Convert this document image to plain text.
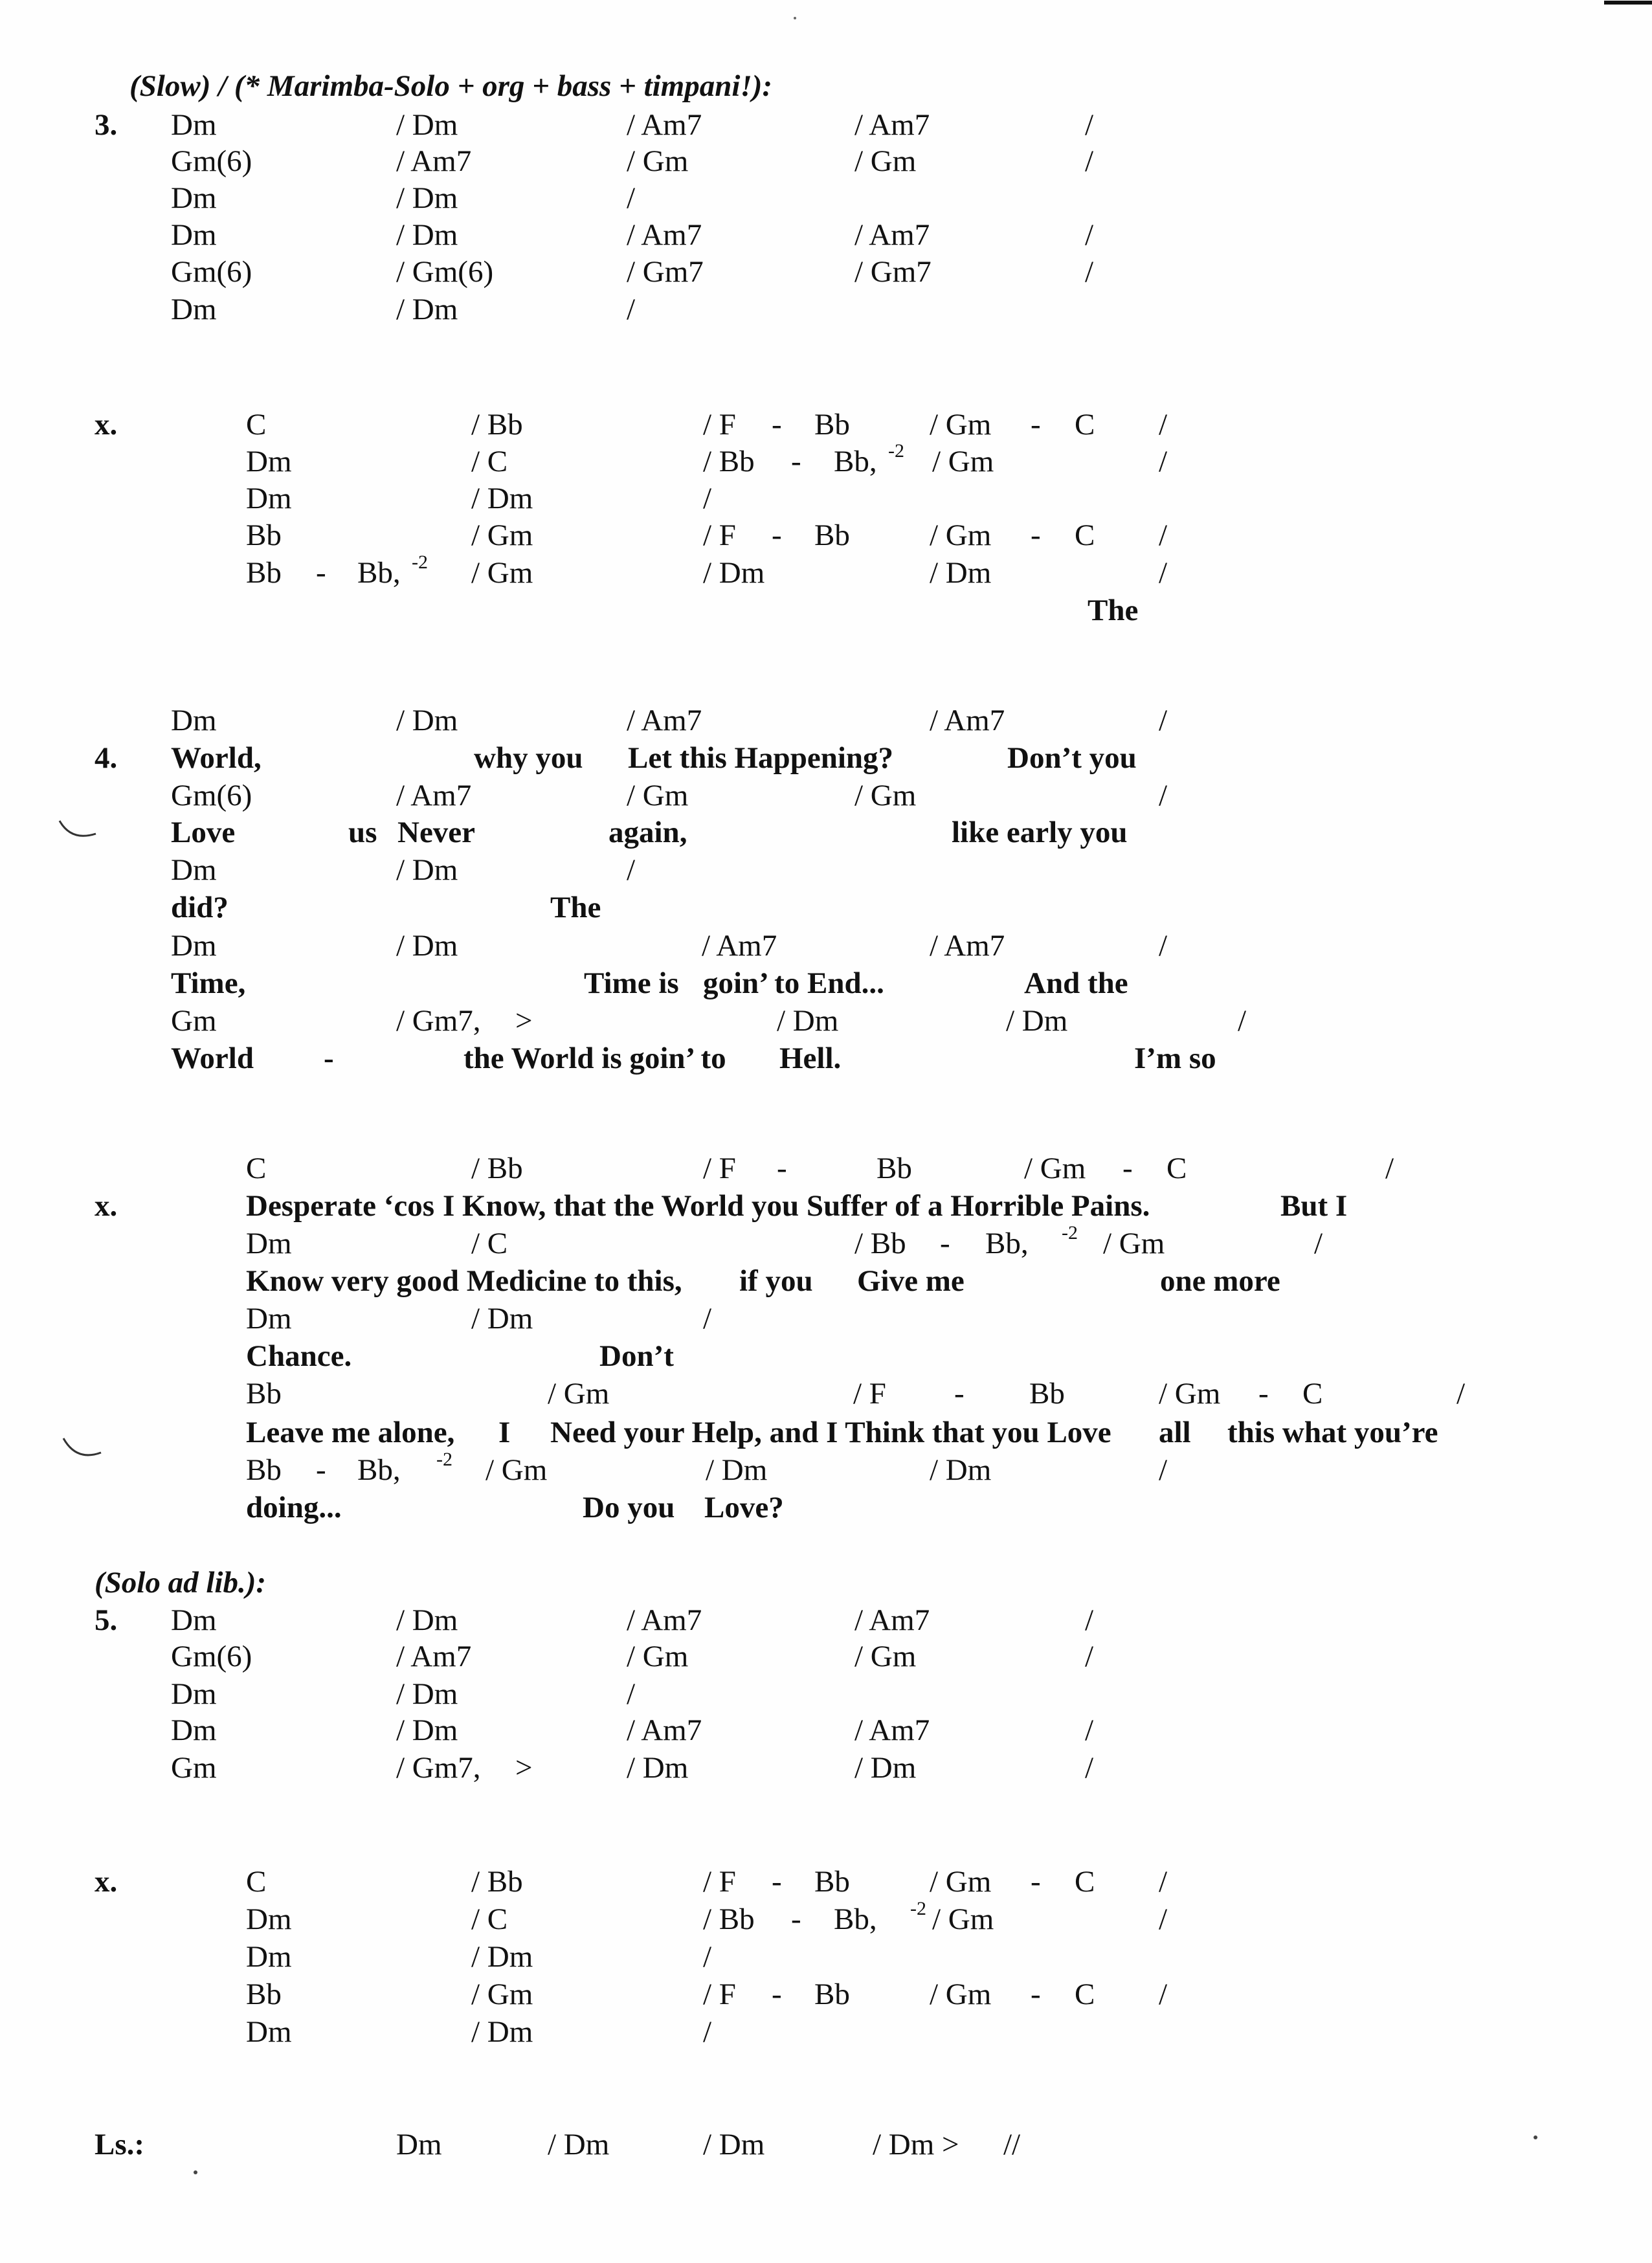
(Slow) / (* Marimba-Solo + org + bass + timpani!):
3. Dm	/ Dm	/ Am7	/ Am7	/
Gm(6)	/ Am7	/ Gm	/ Gm	/
Dm	/ Dm	/
Dm	/ Dm	/ Am7	/ Am7	/
Gm(6)	/ Gm(6)	/ Gm7	/ Gm7	/
Dm	/ Dm	/
x.	C	/ Bb	/ F - Bb	/ Gm - C /
Dm	/ C	/ Bb - Bb, -2 / Gm	/
Dm	/ Dm	/
Bb	/ Gm	/ F - Bb	/ Gm - C /
Bb - Bb, -2 / Gm	/ Dm	/ Dm	/
The
Dm	/ Dm	/ Am7	/ Am7	/
4. World,	why you Let this Happening?	Don’t you
Gm(6)	/ Am7	/ Gm	/ Gm	/
Love	us Never	again,	like early you
Dm	/ Dm	/
did?	The
Dm	/ Dm	/ Am7	/ Am7	/
Time,	Time is goin’ to End...	And the
Gm	/ Gm7, >	/ Dm	/ Dm	/
World -	the World is goin’ to Hell.	I’m so
C	/ Bb	/ F -	Bb	/ Gm - C	/
x.	Desperate ‘cos I Know, that the World you Suffer of a Horrible Pains.	But I
Dm	/ C	/ Bb - Bb, -2 / Gm	/
Know very good Medicine to this, if you Give me	one more
Dm	/ Dm	/
Chance.	Don’t
Bb	/ Gm	/ F - Bb	/ Gm - C	/
Leave me alone, I Need your Help, and I Think that you Love all this what you’re
Bb - Bb, -2 / Gm	/ Dm	/ Dm	/
doing...	Do you Love?
(Solo ad lib.):
5. Dm	/ Dm	/ Am7	/ Am7	/
Gm(6)	/ Am7	/ Gm	/ Gm	/
Dm	/ Dm	/
Dm	/ Dm	/ Am7	/ Am7	/
Gm	/ Gm7, >	/ Dm	/ Dm	/
x.	C	/ Bb	/ F - Bb	/ Gm - C /
Dm	/ C	/ Bb - Bb, -2 / Gm	/
Dm	/ Dm	/
Bb	/ Gm	/ F - Bb	/ Gm - C /
Dm	/ Dm	/
Ls.:	Dm	/ Dm	/ Dm	/ Dm > //
